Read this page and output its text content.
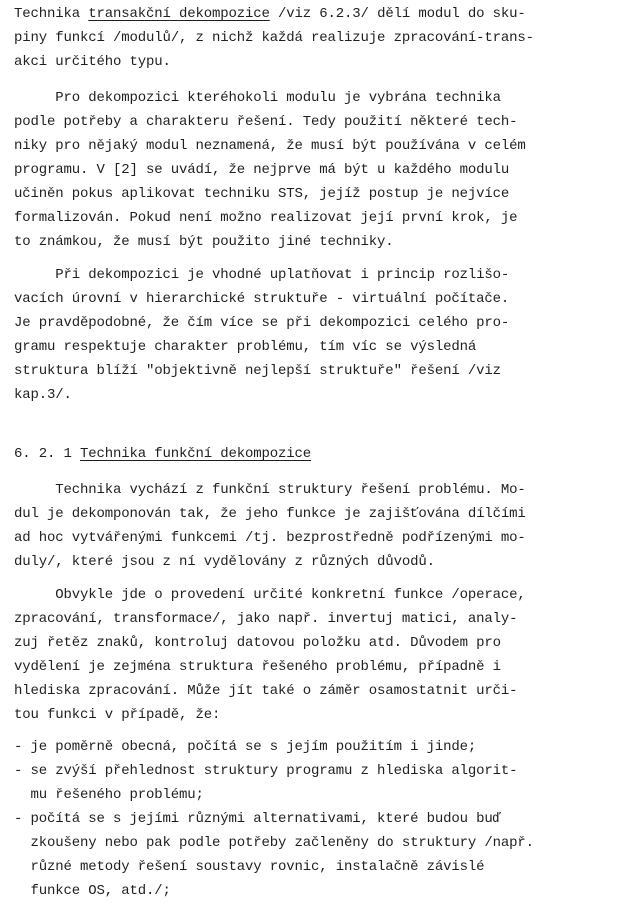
Technika transakční dekompozice /viz 6.2.3/ dělí modul do sku-
piny funkcí /modulů/, z nichž každá realizuje zpracování-trans-
akci určitého typu.
Pro dekompozici kteréhokoli modulu je vybrána technika
podle potřeby a charakteru řešení. Tedy použití některé tech-
niky pro nějaký modul neznamená, že musí být používána v celém
programu. V [2] se uvádí, že nejprve má být u každého modulu
učiněn pokus aplikovat techniku STS, jejíž postup je nejvíce
formalizován. Pokud není možno realizovat její první krok, je
to známkou, že musí být použito jiné techniky.
Při dekompozici je vhodné uplatňovat i princip rozlišo-
vacích úrovní v hierarchické struktuře - virtuální počítače.
Je pravděpodobné, že čím více se při dekompozici celého pro-
gramu respektuje charakter problému, tím víc se výsledná
struktura blíží "objektivně nejlepší struktuře" řešení /viz
kap.3/.
6. 2. 1 Technika funkční dekompozice
Technika vychází z funkční struktury řešení problému. Mo-
dul je dekomponován tak, že jeho funkce je zajišťována dílčími
ad hoc vytvářenými funkcemi /tj. bezprostředně podřízenými mo-
duly/, které jsou z ní vydělovány z různých důvodů.
Obvykle jde o provedení určité konkretní funkce /operace,
zpracování, transformace/, jako např. invertuj matici, analy-
zuj řetěz znaků, kontroluj datovou položku atd. Důvodem pro
vydělení je zejména struktura řešeného problému, případně i
hlediska zpracování. Může jít také o záměr osamostatnit urči-
tou funkci v případě, že:
- je poměrně obecná, počítá se s jejím použitím i jinde;
- se zvýší přehlednost struktury programu z hlediska algorit-
mu řešeného problému;
- počítá se s jejími různými alternativami, které budou buď
zkoušeny nebo pak podle potřeby začleněny do struktury /např.
různé metody řešení soustavy rovnic, instalačně závislé
funkce OS, atd./;
